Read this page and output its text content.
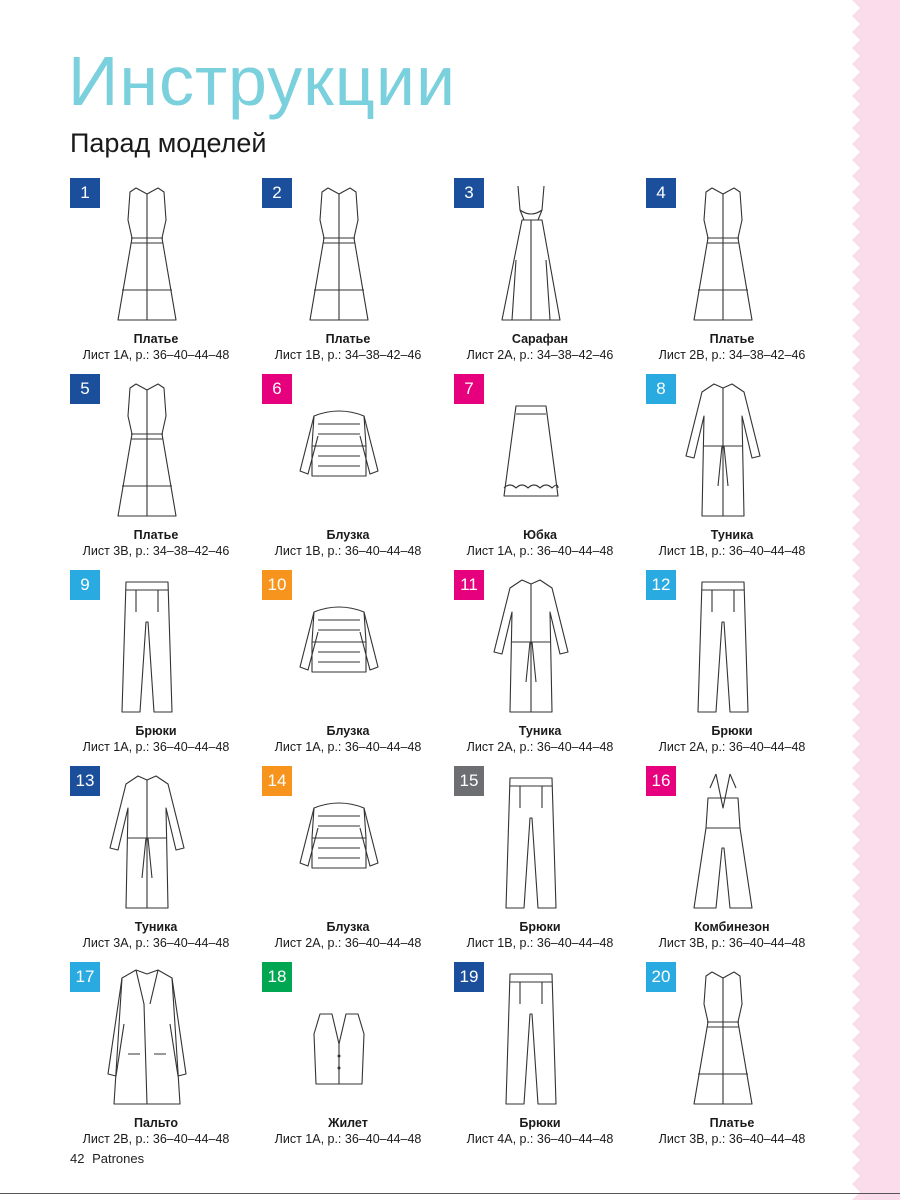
Инструкции
Парад моделей
1
Платье
Лист 1А, р.: 36–40–44–48
2
Платье
Лист 1В, р.: 34–38–42–46
3
Сарафан
Лист 2А, р.: 34–38–42–46
4
Платье
Лист 2В, р.: 34–38–42–46
5
Платье
Лист 3В, р.: 34–38–42–46
6
Блузка
Лист 1В, р.: 36–40–44–48
7
Юбка
Лист 1А, р.: 36–40–44–48
8
Туника
Лист 1В, р.: 36–40–44–48
9
Брюки
Лист 1А, р.: 36–40–44–48
10
Блузка
Лист 1А, р.: 36–40–44–48
11
Туника
Лист 2А, р.: 36–40–44–48
12
Брюки
Лист 2А, р.: 36–40–44–48
13
Туника
Лист 3А, р.: 36–40–44–48
14
Блузка
Лист 2А, р.: 36–40–44–48
15
Брюки
Лист 1В, р.: 36–40–44–48
16
Комбинезон
Лист 3В, р.: 36–40–44–48
17
Пальто
Лист 2В, р.: 36–40–44–48
18
Жилет
Лист 1А, р.: 36–40–44–48
19
Брюки
Лист 4А, р.: 36–40–44–48
20
Платье
Лист 3В, р.: 36–40–44–48
42 Patrones
